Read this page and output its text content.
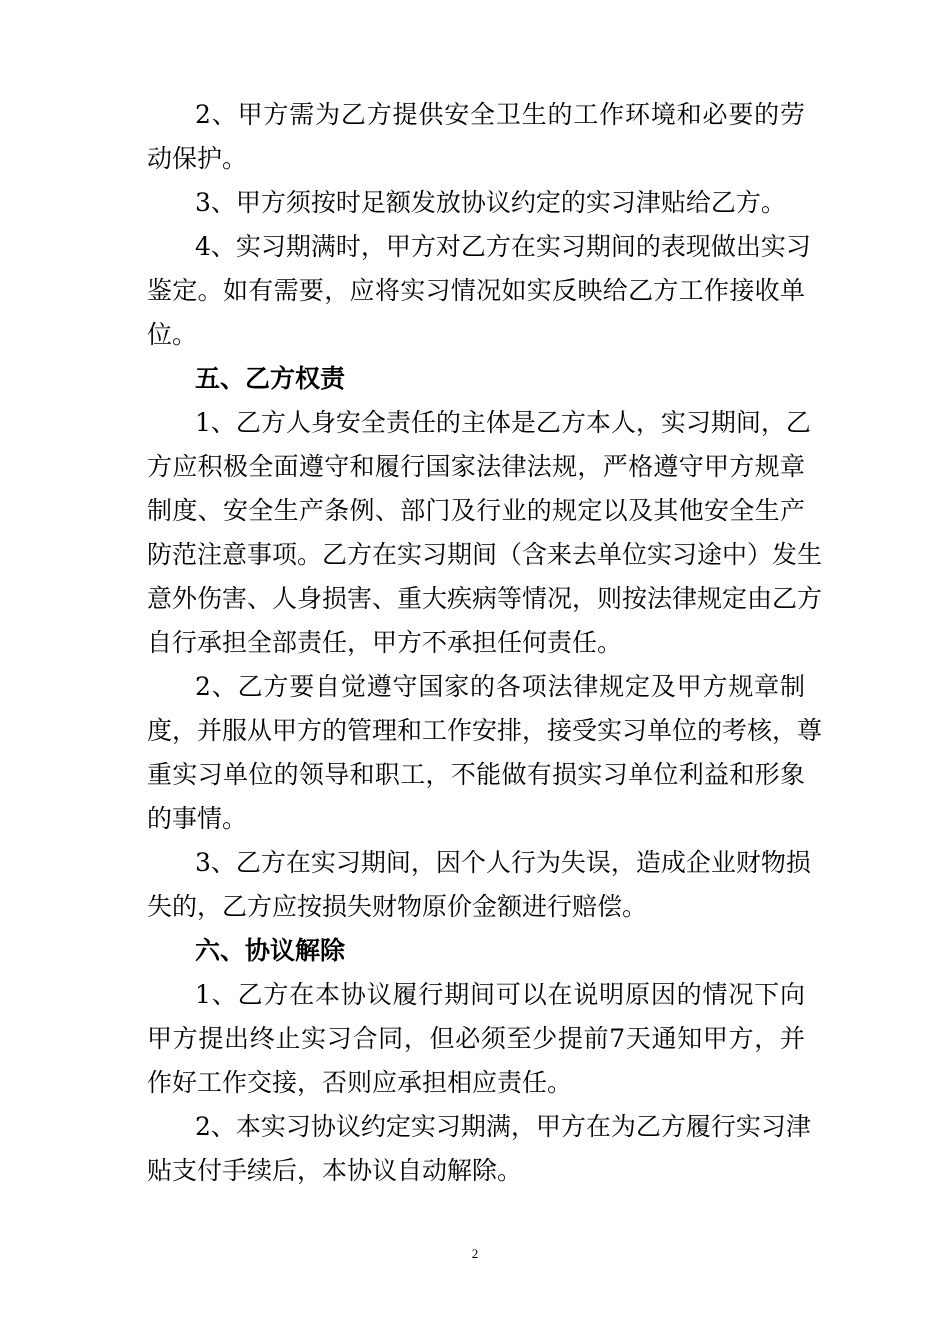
2、甲方需为乙方提供安全卫生的工作环境和必要的劳
动保护。
3、甲方须按时足额发放协议约定的实习津贴给乙方。
4、实习期满时，甲方对乙方在实习期间的表现做出实习
鉴定。如有需要，应将实习情况如实反映给乙方工作接收单
位。
五、乙方权责
1、乙方人身安全责任的主体是乙方本人，实习期间，乙
方应积极全面遵守和履行国家法律法规，严格遵守甲方规章
制度、安全生产条例、部门及行业的规定以及其他安全生产
防范注意事项。乙方在实习期间（含来去单位实习途中）发生
意外伤害、人身损害、重大疾病等情况，则按法律规定由乙方
自行承担全部责任，甲方不承担任何责任。
2、乙方要自觉遵守国家的各项法律规定及甲方规章制
度，并服从甲方的管理和工作安排，接受实习单位的考核，尊
重实习单位的领导和职工，不能做有损实习单位利益和形象
的事情。
3、乙方在实习期间，因个人行为失误，造成企业财物损
失的，乙方应按损失财物原价金额进行赔偿。
六、协议解除
1、乙方在本协议履行期间可以在说明原因的情况下向
甲方提出终止实习合同，但必须至少提前7天通知甲方，并
作好工作交接，否则应承担相应责任。
2、本实习协议约定实习期满，甲方在为乙方履行实习津
贴支付手续后，本协议自动解除。
2
